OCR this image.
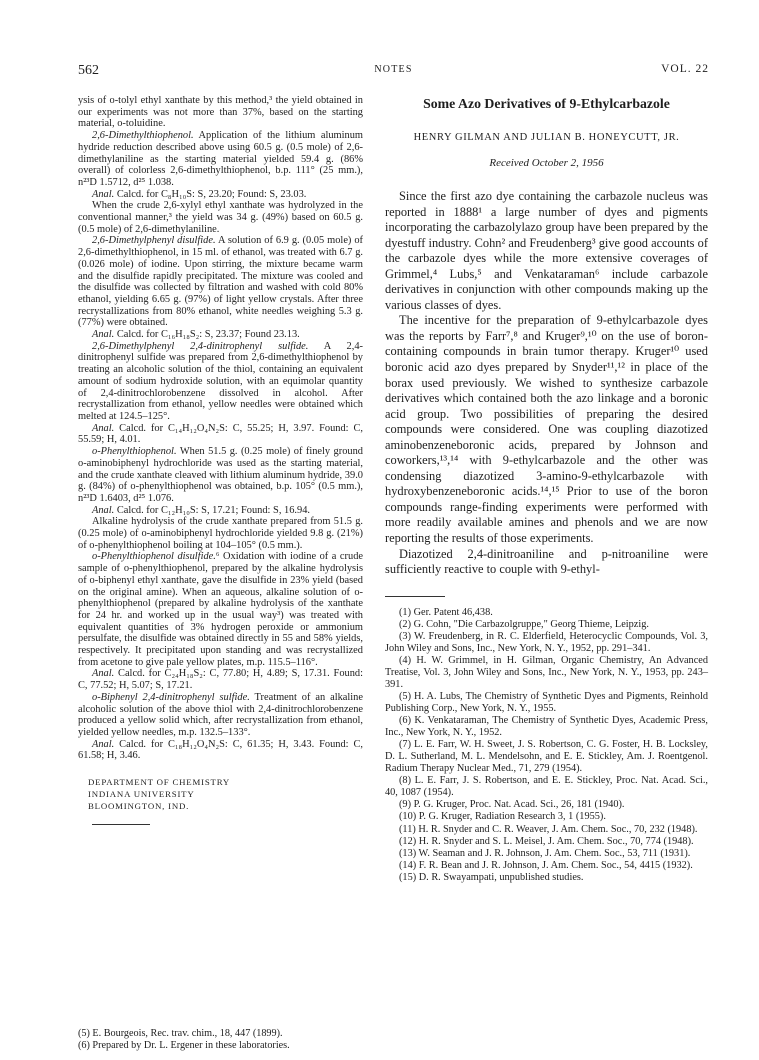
562	NOTES	VOL. 22

ysis of o-tolyl ethyl xanthate by this method,³ the yield obtained in our experiments was not more than 37%, based on the starting material, o-toluidine.

2,6-Dimethylthiophenol. Application of the lithium aluminum hydride reduction described above using 60.5 g. (0.5 mole) of 2,6-dimethylaniline as the starting material yielded 59.4 g. (86% overall) of colorless 2,6-dimethylthiophenol, b.p. 111° (25 mm.), n²³D 1.5712, d²⁵ 1.038.

Anal. Calcd. for C₈H₁₀S: S, 23.20; Found: S, 23.03.

When the crude 2,6-xylyl ethyl xanthate was hydrolyzed in the conventional manner,³ the yield was 34 g. (49%) based on 60.5 g. (0.5 mole) of 2,6-dimethylaniline.

2,6-Dimethylphenyl disulfide. A solution of 6.9 g. (0.05 mole) of 2,6-dimethylthiophenol, in 15 ml. of ethanol, was treated with 6.7 g. (0.026 mole) of iodine. Upon stirring, the mixture became warm and the disulfide rapidly precipitated. The mixture was cooled and the disulfide was collected by filtration and washed with cold 80% ethanol, yielding 6.65 g. (97%) of light yellow crystals. After three recrystallizations from 80% ethanol, white needles weighing 5.3 g. (77%) were obtained.

Anal. Calcd. for C₁₆H₁₈S₂: S, 23.37; Found 23.13.

2,6-Dimethylphenyl 2,4-dinitrophenyl sulfide. A 2,4-dinitrophenyl sulfide was prepared from 2,6-dimethylthiophenol by treating an alcoholic solution of the thiol, containing an equivalent amount of sodium hydroxide solution, with an equimolar quantity of 2,4-dinitrochlorobenzene dissolved in alcohol. After recrystallization from ethanol, yellow needles were obtained which melted at 124.5–125°.

Anal. Calcd. for C₁₄H₁₂O₄N₂S: C, 55.25; H, 3.97. Found: C, 55.59; H, 4.01.

o-Phenylthiophenol. When 51.5 g. (0.25 mole) of finely ground o-aminobiphenyl hydrochloride was used as the starting material, and the crude xanthate cleaved with lithium aluminum hydride, 39.0 g. (84%) of o-phenylthiophenol was obtained, b.p. 105° (0.5 mm.), n²³D 1.6403, d²⁵ 1.076.

Anal. Calcd. for C₁₂H₁₀S: S, 17.21; Found: S, 16.94.

Alkaline hydrolysis of the crude xanthate prepared from 51.5 g. (0.25 mole) of o-aminobiphenyl hydrochloride yielded 9.8 g. (21%) of o-phenylthiophenol boiling at 104–105° (0.5 mm.).

o-Phenylthiophenol disulfide.⁶ Oxidation with iodine of a crude sample of o-phenylthiophenol, prepared by the alkaline hydrolysis of o-biphenyl ethyl xanthate, gave the disulfide in 23% yield (based on the original amine). When an aqueous, alkaline solution of o-phenylthiophenol (prepared by alkaline hydrolysis of the xanthate for 24 hr. and worked up in the usual way³) was treated with equivalent quantities of 3% hydrogen peroxide or ammonium persulfate, the disulfide was obtained directly in 55 and 58% yields, respectively. It precipitated upon standing and was recrystallized from acetone to give pale yellow plates, m.p. 115.5–116°.

Anal. Calcd. for C₂₄H₁₈S₂: C, 77.80; H, 4.89; S, 17.31. Found: C, 77.52; H, 5.07; S, 17.21.

o-Biphenyl 2,4-dinitrophenyl sulfide. Treatment of an alkaline alcoholic solution of the above thiol with 2,4-dinitrochlorobenzene produced a yellow solid which, after recrystallization from ethanol, yielded yellow needles, m.p. 132.5–133°.

Anal. Calcd. for C₁₈H₁₂O₄N₂S: C, 61.35; H, 3.43. Found: C, 61.58; H, 3.46.

DEPARTMENT OF CHEMISTRY
INDIANA UNIVERSITY
BLOOMINGTON, IND.
(5) E. Bourgeois, Rec. trav. chim., 18, 447 (1899).
(6) Prepared by Dr. L. Ergener in these laboratories.
Some Azo Derivatives of 9-Ethylcarbazole
HENRY GILMAN AND JULIAN B. HONEYCUTT, JR.
Received October 2, 1956

Since the first azo dye containing the carbazole nucleus was reported in 1888¹ a large number of dyes and pigments incorporating the carbazolylazo group have been prepared by the dyestuff industry. Cohn² and Freudenberg³ give good accounts of the carbazole dyes while the more extensive coverages of Grimmel,⁴ Lubs,⁵ and Venkataraman⁶ include carbazole derivatives in conjunction with other compounds making up the various classes of dyes.

The incentive for the preparation of 9-ethylcarbazole dyes was the reports by Farr⁷,⁸ and Kruger⁹,¹⁰ on the use of boron-containing compounds in brain tumor therapy. Kruger¹⁰ used boronic acid azo dyes prepared by Snyder¹¹,¹² in place of the borax used previously. We wished to synthesize carbazole derivatives which contained both the azo linkage and a boronic acid group. Two possibilities of preparing the desired compounds were considered. One was coupling diazotized aminobenzeneboronic acids, prepared by Johnson and coworkers,¹³,¹⁴ with 9-ethylcarbazole and the other was condensing diazotized 3-amino-9-ethylcarbazole with hydroxybenzeneboronic acids.¹⁴,¹⁵ Prior to use of the boron compounds range-finding experiments were performed with more readily available amines and phenols and we are now reporting the results of those experiments.

Diazotized 2,4-dinitroaniline and p-nitroaniline were sufficiently reactive to couple with 9-ethyl-

(1) Ger. Patent 46,438.

(2) G. Cohn, "Die Carbazolgruppe," Georg Thieme, Leipzig.

(3) W. Freudenberg, in R. C. Elderfield, Heterocyclic Compounds, Vol. 3, John Wiley and Sons, Inc., New York, N. Y., 1952, pp. 291–341.

(4) H. W. Grimmel, in H. Gilman, Organic Chemistry, An Advanced Treatise, Vol. 3, John Wiley and Sons, Inc., New York, N. Y., 1953, pp. 243–391.

(5) H. A. Lubs, The Chemistry of Synthetic Dyes and Pigments, Reinhold Publishing Corp., New York, N. Y., 1955.

(6) K. Venkataraman, The Chemistry of Synthetic Dyes, Academic Press, Inc., New York, N. Y., 1952.

(7) L. E. Farr, W. H. Sweet, J. S. Robertson, C. G. Foster, H. B. Locksley, D. L. Sutherland, M. L. Mendelsohn, and E. E. Stickley, Am. J. Roentgenol. Radium Therapy Nuclear Med., 71, 279 (1954).

(8) L. E. Farr, J. S. Robertson, and E. E. Stickley, Proc. Nat. Acad. Sci., 40, 1087 (1954).

(9) P. G. Kruger, Proc. Nat. Acad. Sci., 26, 181 (1940).

(10) P. G. Kruger, Radiation Research 3, 1 (1955).

(11) H. R. Snyder and C. R. Weaver, J. Am. Chem. Soc., 70, 232 (1948).

(12) H. R. Snyder and S. L. Meisel, J. Am. Chem. Soc., 70, 774 (1948).

(13) W. Seaman and J. R. Johnson, J. Am. Chem. Soc., 53, 711 (1931).

(14) F. R. Bean and J. R. Johnson, J. Am. Chem. Soc., 54, 4415 (1932).

(15) D. R. Swayampati, unpublished studies.
